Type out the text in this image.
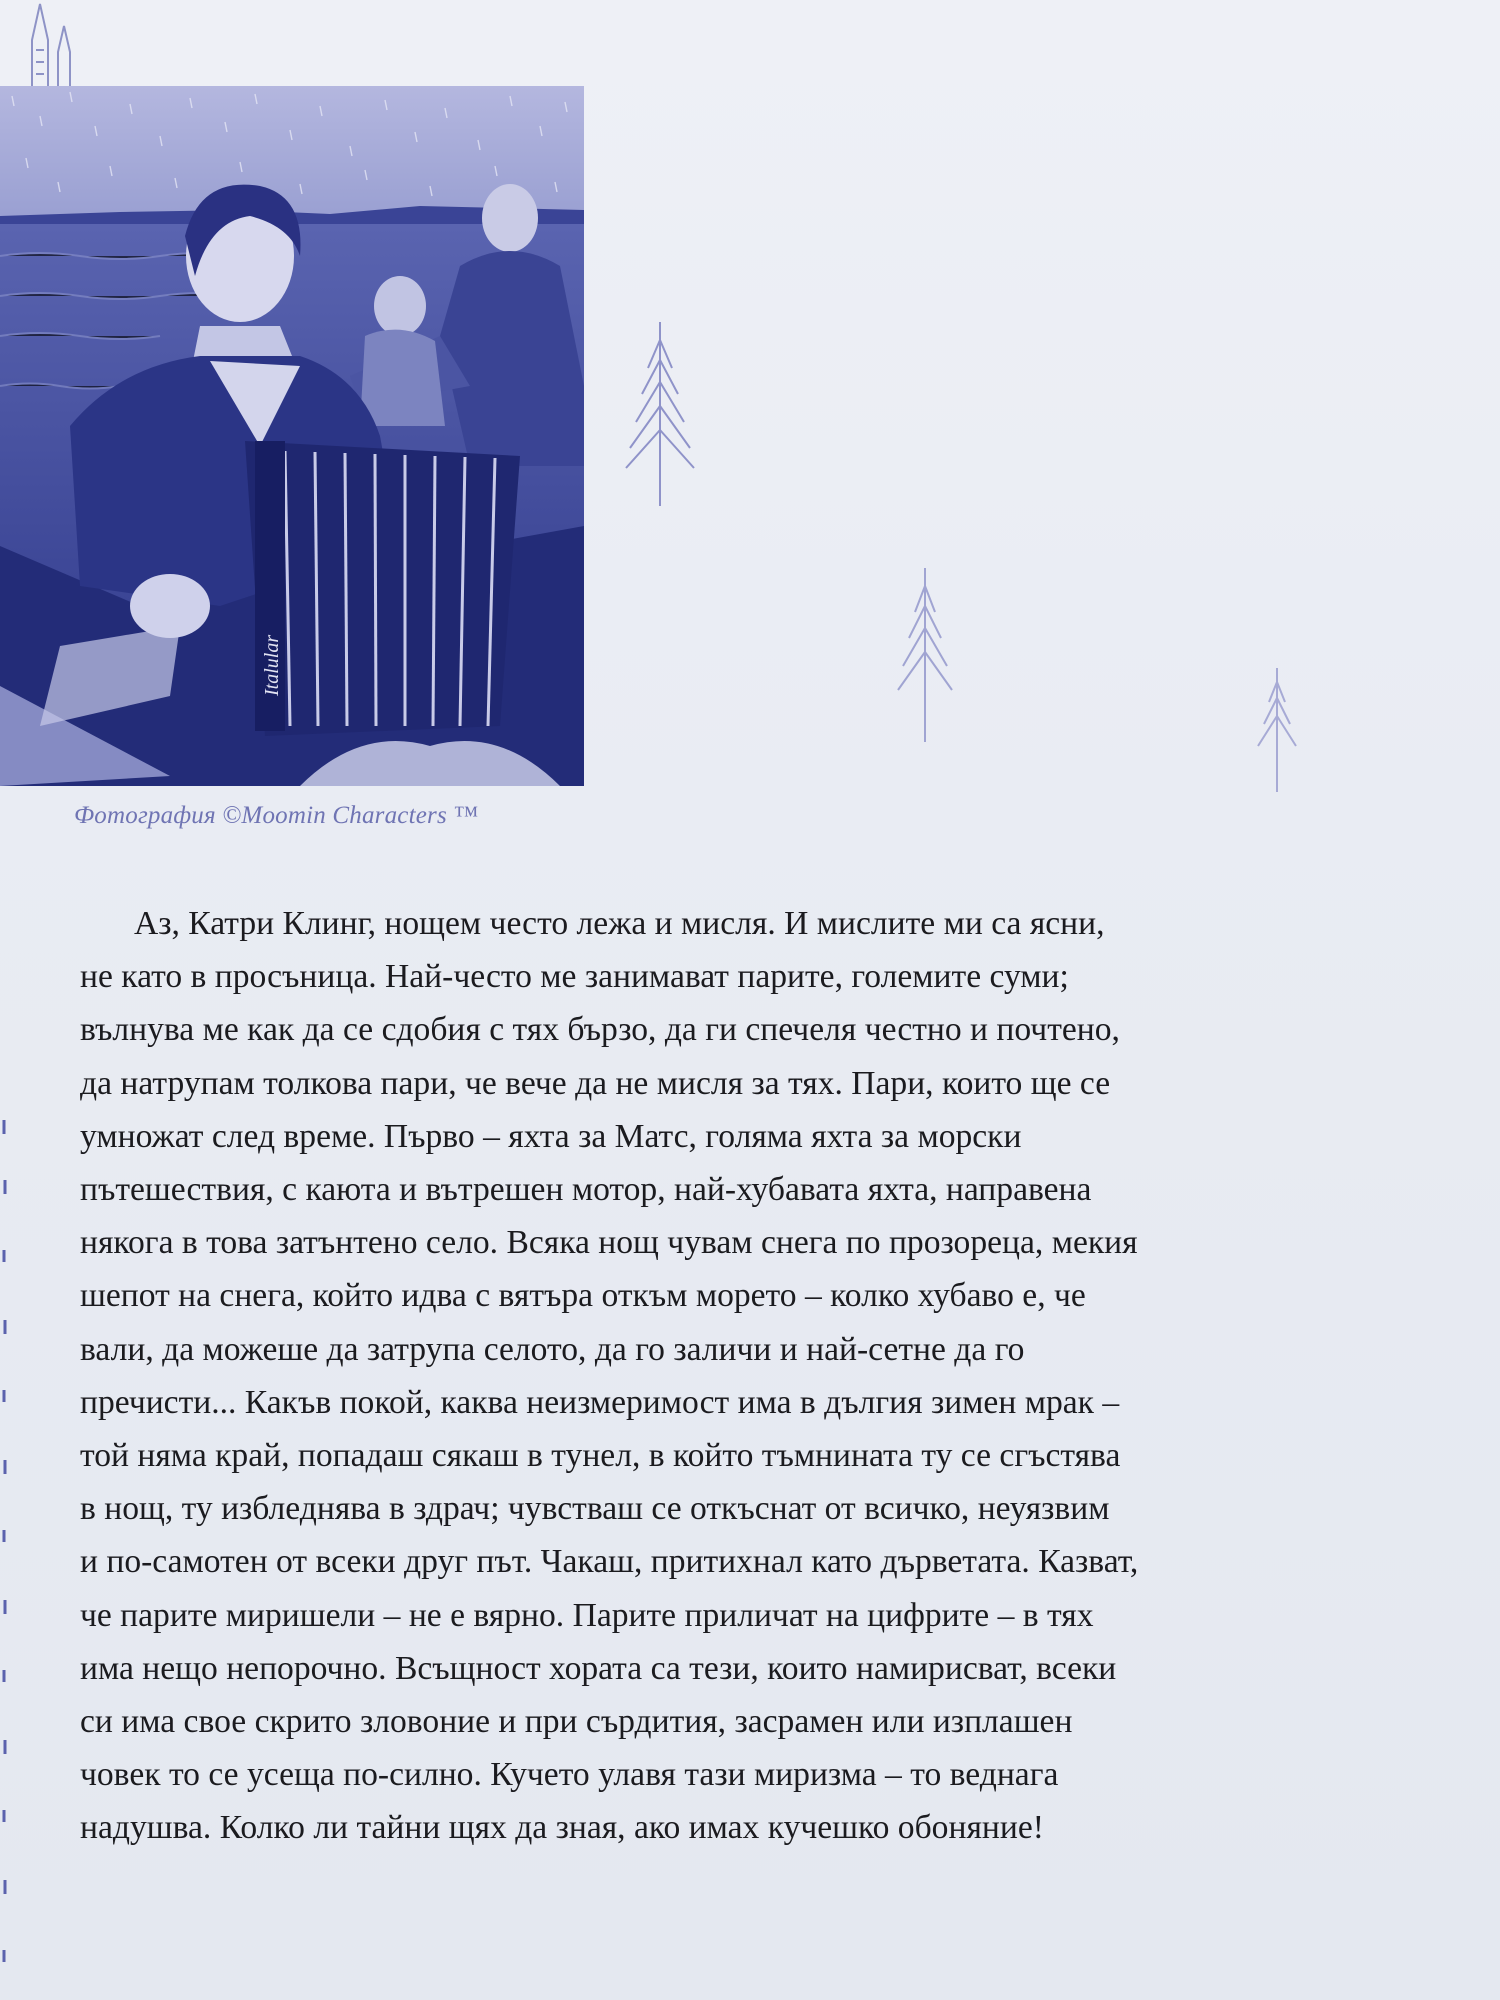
Italular
Фотография ©Moomin Characters ™
Аз, Катри Клинг, нощем често лежа и мисля. И мислите ми са ясни,
не като в просъница. Най-често ме занимават парите, големите суми;
вълнува ме как да се сдобия с тях бързо, да ги спечеля честно и почтено,
да натрупам толкова пари, че вече да не мисля за тях. Пари, които ще се
умножат след време. Първо – яхта за Матс, голяма яхта за морски
пътешествия, с каюта и вътрешен мотор, най-хубавата яхта, направена
някога в това затънтено село. Всяка нощ чувам снега по прозореца, мекия
шепот на снега, който идва с вятъра откъм морето – колко хубаво е, че
вали, да можеше да затрупа селото, да го заличи и най-сетне да го
пречисти... Какъв покой, каква неизмеримост има в дългия зимен мрак –
той няма край, попадаш сякаш в тунел, в който тъмнината ту се сгъстява
в нощ, ту избледнява в здрач; чувстваш се откъснат от всичко, неуязвим
и по-самотен от всеки друг път. Чакаш, притихнал като дърветата. Казват,
че парите миришели – не е вярно. Парите приличат на цифрите – в тях
има нещо непорочно. Всъщност хората са тези, които намирисват, всеки
си има свое скрито зловоние и при сърдития, засрамен или изплашен
човек то се усеща по-силно. Кучето улавя тази миризма – то веднага
надушва. Колко ли тайни щях да зная, ако имах кучешко обоняние!
